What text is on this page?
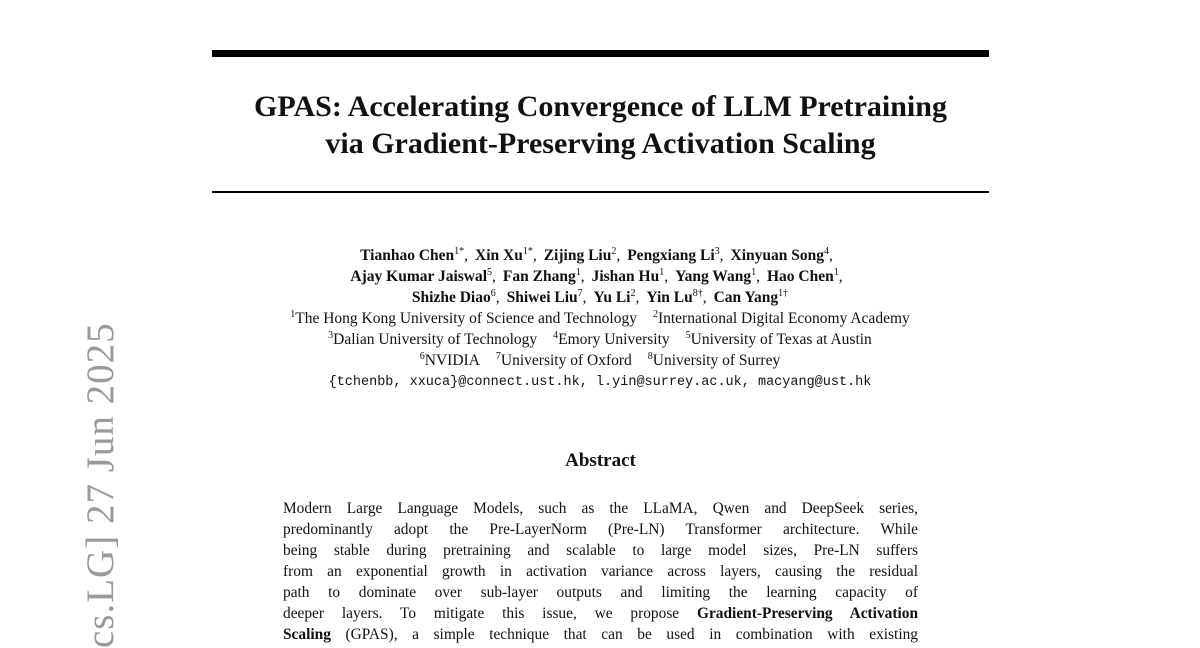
cs.LG] 27 Jun 2025
GPAS: Accelerating Convergence of LLM Pretraining
via Gradient-Preserving Activation Scaling
Tianhao Chen$^{1*}$, Xin $Xu^{1*}$, Zijing Liu$^2$, Pengxiang Li$^3$, Xinyuan Song$^4$,
Ajay Kumar Jaiswal$^5$, Fan Zhang$^1$, Jishan Hu$^1$, Yang Wang$^1$, Hao Chen$^1$,
Shizhe Diao$^6$, Shiwei Liu$^7$, Yu Li$^2$, Yin $Lu^{8\dagger}$, Can Yang$^{1\dagger}$
$^1$The Hong Kong University of Science and Technology $^2$International Digital Economy Academy
$^3$Dalian University of Technology $^4$Emory University $^5$University of Texas at Austin
$^6$NVIDIA $^7$University of Oxford $^8$University of Surrey
{tchenbb, xxuca}@connect.ust.hk, l.yin@surrey.ac.uk, macyang@ust.hk
Abstract
Modern Large Language Models, such as the LLaMA, Qwen and DeepSeek series,
predominantly adopt the Pre-LayerNorm (Pre-LN) Transformer architecture. While
being stable during pretraining and scalable to large model sizes, Pre-LN suffers
from an exponential growth in activation variance across layers, causing the residual
path to dominate over sub-layer outputs and limiting the learning capacity of
deeper layers. To mitigate this issue, we propose Gradient-Preserving Activation
Scaling (GPAS), a simple technique that can be used in combination with existing
